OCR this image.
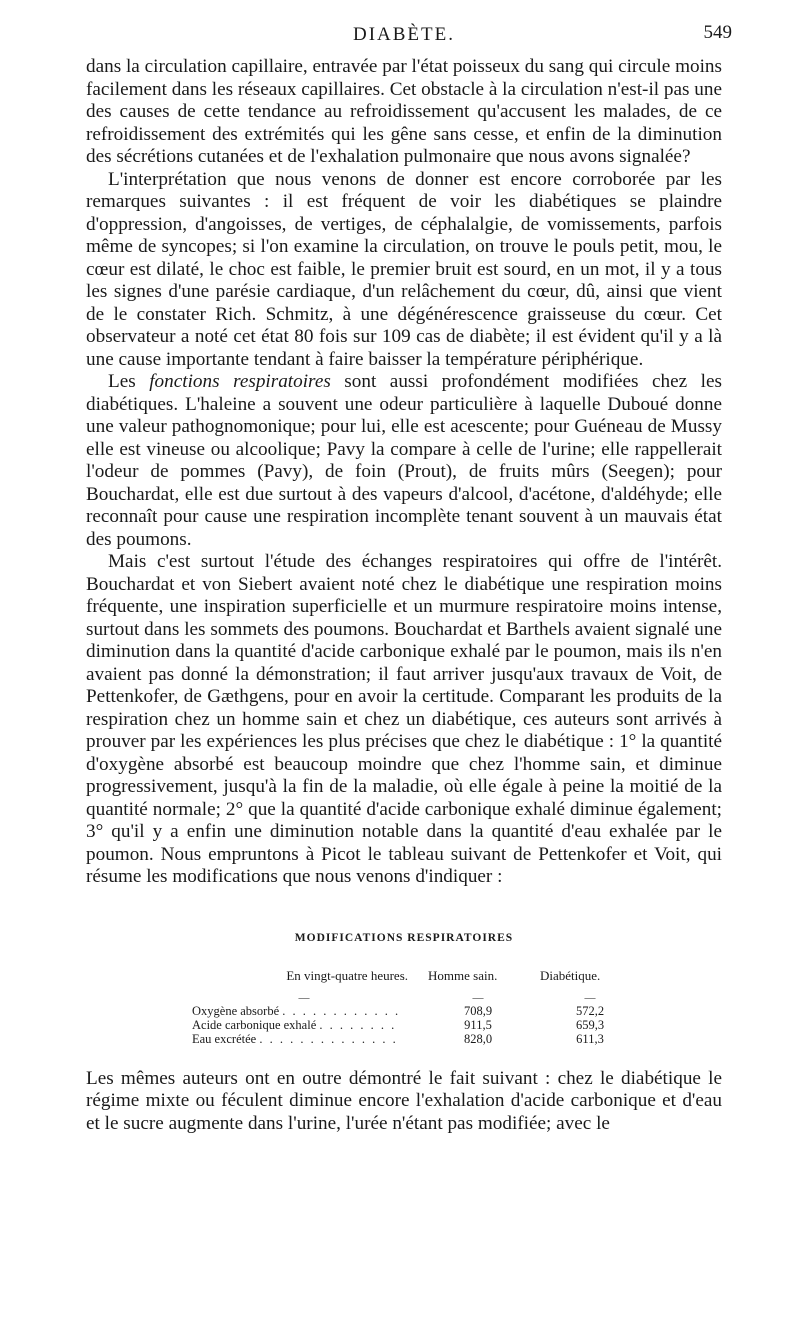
DIABÈTE.	549

dans la circulation capillaire, entravée par l'état poisseux du sang qui circule moins facilement dans les réseaux capillaires. Cet obstacle à la circulation n'est-il pas une des causes de cette tendance au refroidissement qu'accusent les malades, de ce refroidissement des extrémités qui les gêne sans cesse, et enfin de la diminution des sécrétions cutanées et de l'exhalation pulmonaire que nous avons signalée?

L'interprétation que nous venons de donner est encore corroborée par les remarques suivantes : il est fréquent de voir les diabétiques se plaindre d'oppression, d'angoisses, de vertiges, de céphalalgie, de vomissements, parfois même de syncopes; si l'on examine la circulation, on trouve le pouls petit, mou, le cœur est dilaté, le choc est faible, le premier bruit est sourd, en un mot, il y a tous les signes d'une parésie cardiaque, d'un relâchement du cœur, dû, ainsi que vient de le constater Rich. Schmitz, à une dégénérescence graisseuse du cœur. Cet observateur a noté cet état 80 fois sur 109 cas de diabète; il est évident qu'il y a là une cause importante tendant à faire baisser la température périphérique.

Les fonctions respiratoires sont aussi profondément modifiées chez les diabétiques. L'haleine a souvent une odeur particulière à laquelle Duboué donne une valeur pathognomonique; pour lui, elle est acescente; pour Guéneau de Mussy elle est vineuse ou alcoolique; Pavy la compare à celle de l'urine; elle rappellerait l'odeur de pommes (Pavy), de foin (Prout), de fruits mûrs (Seegen); pour Bouchardat, elle est due surtout à des vapeurs d'alcool, d'acétone, d'aldéhyde; elle reconnaît pour cause une respiration incomplète tenant souvent à un mauvais état des poumons.

Mais c'est surtout l'étude des échanges respiratoires qui offre de l'intérêt. Bouchardat et von Siebert avaient noté chez le diabétique une respiration moins fréquente, une inspiration superficielle et un murmure respiratoire moins intense, surtout dans les sommets des poumons. Bouchardat et Barthels avaient signalé une diminution dans la quantité d'acide carbonique exhalé par le poumon, mais ils n'en avaient pas donné la démonstration; il faut arriver jusqu'aux travaux de Voit, de Pettenkofer, de Gæthgens, pour en avoir la certitude. Comparant les produits de la respiration chez un homme sain et chez un diabétique, ces auteurs sont arrivés à prouver par les expériences les plus précises que chez le diabétique : 1° la quantité d'oxygène absorbé est beaucoup moindre que chez l'homme sain, et diminue progressivement, jusqu'à la fin de la maladie, où elle égale à peine la moitié de la quantité normale; 2° que la quantité d'acide carbonique exhalé diminue également; 3° qu'il y a enfin une diminution notable dans la quantité d'eau exhalée par le poumon. Nous empruntons à Picot le tableau suivant de Pettenkofer et Voit, qui résume les modifications que nous venons d'indiquer :

MODIFICATIONS RESPIRATOIRES
En vingt-quatre heures.	Homme sain.	Diabétique.
—	—	—
Oxygène absorbé . . . . . . . . . . . .	708,9	572,2
Acide carbonique exhalé . . . . . . . .	911,5	659,3
Eau excrétée . . . . . . . . . . . . . .	828,0	611,3

Les mêmes auteurs ont en outre démontré le fait suivant : chez le diabétique le régime mixte ou féculent diminue encore l'exhalation d'acide carbonique et d'eau et le sucre augmente dans l'urine, l'urée n'étant pas modifiée; avec le
